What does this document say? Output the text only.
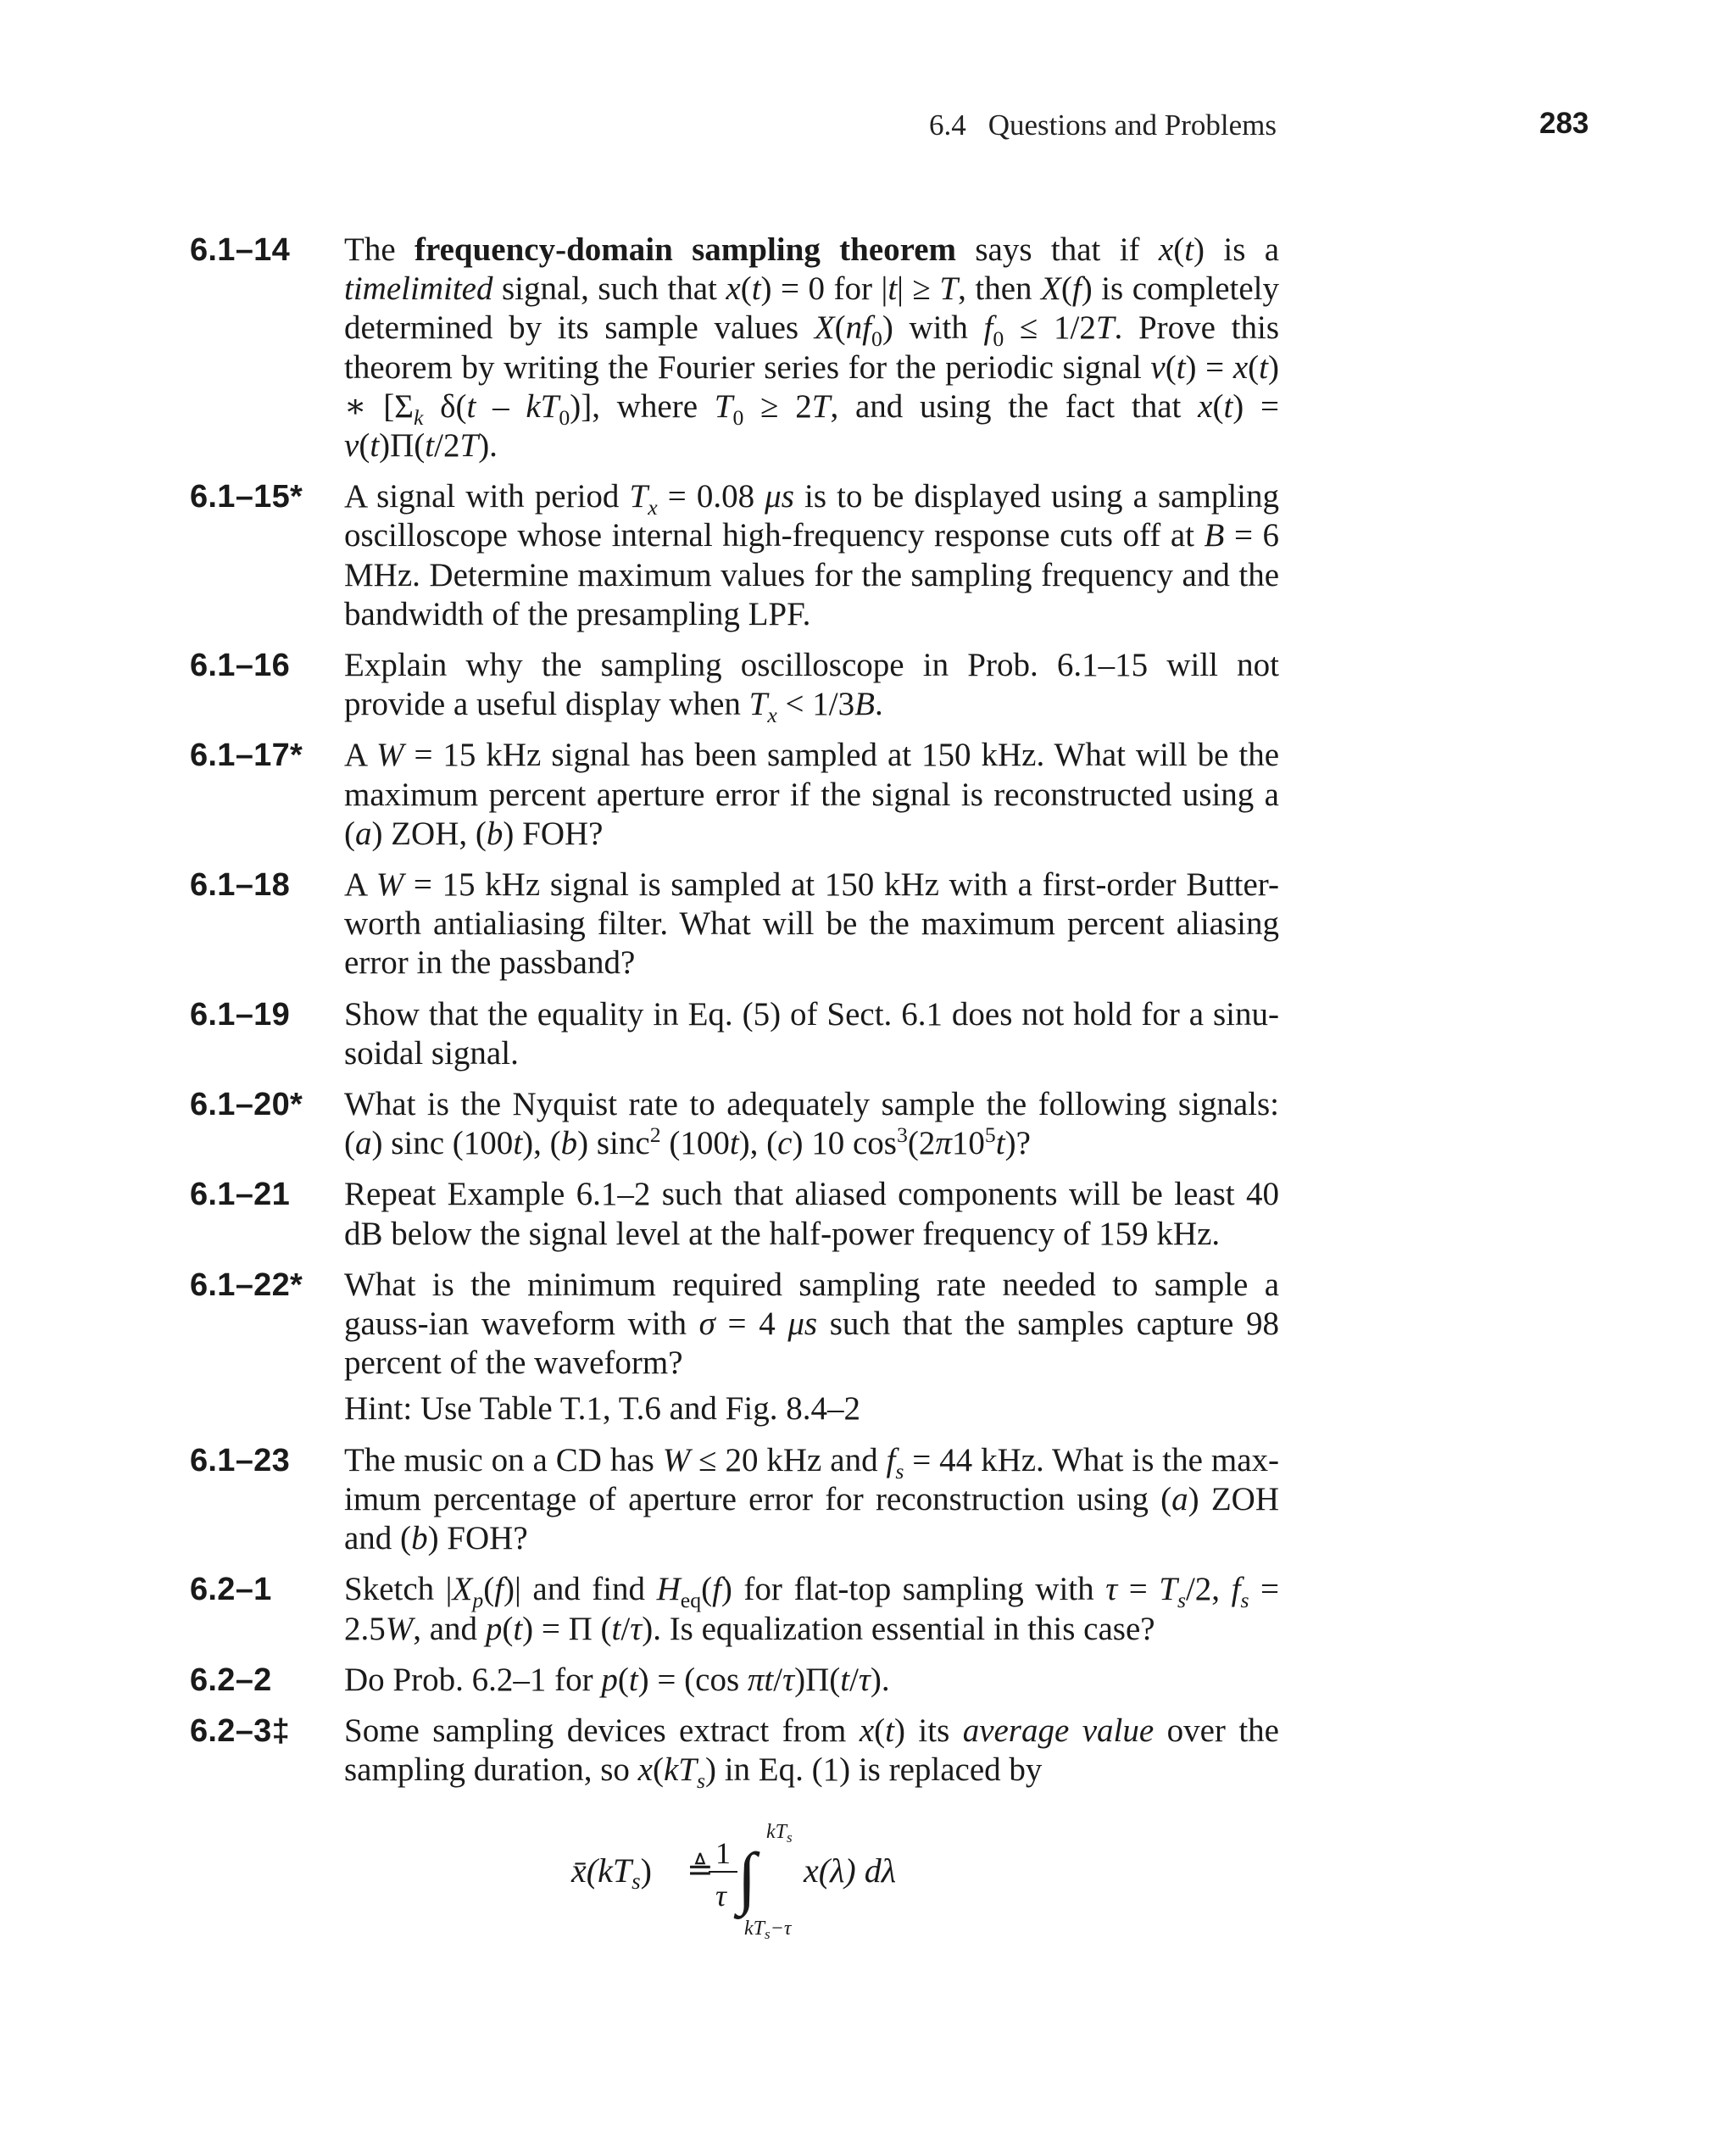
6.4 Questions and Problems	283
6.1–14 The frequency-domain sampling theorem says that if x(t) is a timelimited signal, such that x(t) = 0 for |t| ≥ T, then X(f) is completely determined by its sample values $X(nf_0)$ with $f_0 \le 1/2T$. Prove this theorem by writing the Fourier series for the periodic signal v(t) = x(t) ∗ [$\Sigma_k$ $\delta(t - kT_0)$], where $T_0 \ge 2T$, and using the fact that x(t) = v(t)Π(t/2T).
6.1–15* A signal with period $T_x = 0.08$ μs is to be displayed using a sampling oscilloscope whose internal high-frequency response cuts off at B = 6 MHz. Determine maximum values for the sampling frequency and the bandwidth of the presampling LPF.
6.1–16 Explain why the sampling oscilloscope in Prob. 6.1–15 will not provide a useful display when $T_x < 1/3B$.
6.1–17* A W = 15 kHz signal has been sampled at 150 kHz. What will be the maximum percent aperture error if the signal is reconstructed using a (a) ZOH, (b) FOH?
6.1–18 A W = 15 kHz signal is sampled at 150 kHz with a first-order Butter-worth antialiasing filter. What will be the maximum percent aliasing error in the passband?
6.1–19 Show that the equality in Eq. (5) of Sect. 6.1 does not hold for a sinu-soidal signal.
6.1–20* What is the Nyquist rate to adequately sample the following signals: (a) sinc (100t), (b) sinc$^2$ (100t), (c) 10 $\cos^3(2\pi 10^5t)$?
6.1–21 Repeat Example 6.1–2 such that aliased components will be least 40 dB below the signal level at the half-power frequency of 159 kHz.
6.1–22* What is the minimum required sampling rate needed to sample a gauss-ian waveform with σ = 4 μs such that the samples capture 98 percent of the waveform?
Hint: Use Table T.1, T.6 and Fig. 8.4–2
6.1–23 The music on a CD has W ≤ 20 kHz and $f_s = 44$ kHz. What is the max-imum percentage of aperture error for reconstruction using (a) ZOH and (b) FOH?
6.2–1 Sketch $|X_p(f)|$ and find $H_{eq}(f)$ for flat-top sampling with $\tau = T_s/2$, $f_s = 2.5W$, and p(t) = Π (t/τ). Is equalization essential in this case?
6.2–2 Do Prob. 6.2–1 for p(t) = (cos πt/τ)Π(t/τ).
6.2–3‡ Some sampling devices extract from x(t) its average value over the sampling duration, so $x(kT_s)$ in Eq. (1) is replaced by
$x̄(kT_s)$ ≜ 1
τ ∫
$kT_s$
$kT_s-\tau$
x(λ) dλ
